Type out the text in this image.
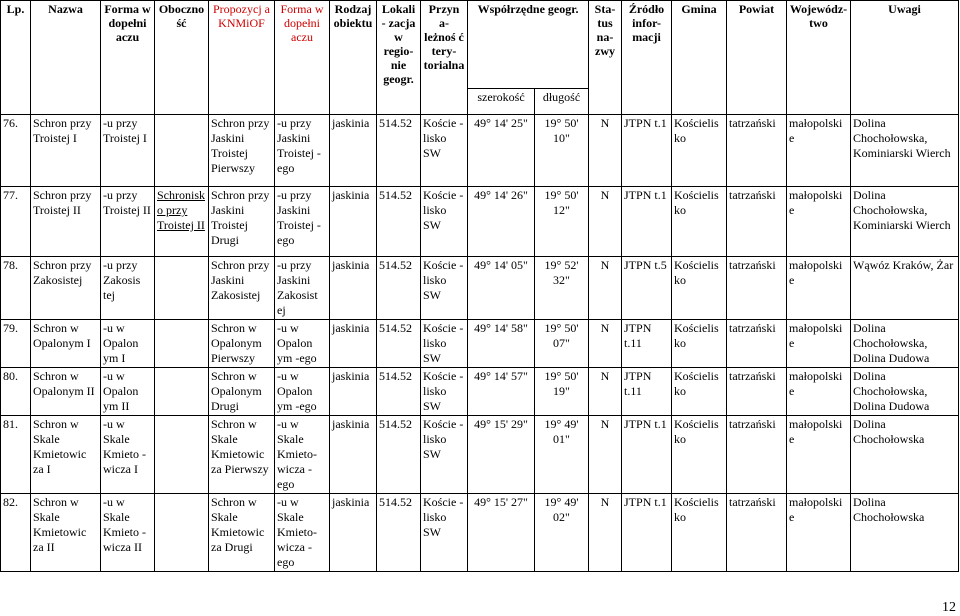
Lp.	Nazwa	Forma w dopełni aczu	Oboczno ść	Propozycj a KNMiOF	Forma w dopełni aczu	Rodzaj obiektu	Lokali - zacja w regio- nie geogr.	Przyn a- leżnoś ć tery- torialna	Współrzędne geogr.		Sta- tus na- zwy	Źródło infor- macji	Gmina	Powiat	Wojewódz- two	Uwagi
									szerokość	długość						
76.	Schron przy Troistej I	-u przy Troistej I		Schron przy Jaskini Troistej Pierwszy	-u przy Jaskini Troistej -ego	jaskinia	514.52	Koście -lisko SW	49° 14' 25"	19° 50' 10"	N	JTPN t.1	Kościelis ko	tatrzański	małopolski e	Dolina Chochołowska, Kominiarski Wierch
77.	Schron przy Troistej II	-u przy Troistej II	Schronisk o przy Troistej II	Schron przy Jaskini Troistej Drugi	-u przy Jaskini Troistej -ego	jaskinia	514.52	Koście -lisko SW	49° 14' 26"	19° 50' 12"	N	JTPN t.1	Kościelis ko	tatrzański	małopolski e	Dolina Chochołowska, Kominiarski Wierch
78.	Schron przy Zakosistej	-u przy Zakosis tej		Schron przy Jaskini Zakosistej	-u przy Jaskini Zakosist ej	jaskinia	514.52	Koście -lisko SW	49° 14' 05"	19° 52' 32"	N	JTPN t.5	Kościelis ko	tatrzański	małopolski e	Wąwóz Kraków, Żar
79.	Schron w Opalonym I	-u w Opalon ym I		Schron w Opalonym Pierwszy	-u w Opalon ym -ego	jaskinia	514.52	Koście -lisko SW	49° 14' 58"	19° 50' 07"	N	JTPN t.11	Kościelis ko	tatrzański	małopolski e	Dolina Chochołowska, Dolina Dudowa
80.	Schron w Opalonym II	-u w Opalon ym II		Schron w Opalonym Drugi	-u w Opalon ym -ego	jaskinia	514.52	Koście -lisko SW	49° 14' 57"	19° 50' 19"	N	JTPN t.11	Kościelis ko	tatrzański	małopolski e	Dolina Chochołowska, Dolina Dudowa
81.	Schron w Skale Kmietowic za I	-u w Skale Kmieto -wicza I		Schron w Skale Kmietowic za Pierwszy	-u w Skale Kmieto- wicza -ego	jaskinia	514.52	Koście -lisko SW	49° 15' 29"	19° 49' 01"	N	JTPN t.1	Kościelis ko	tatrzański	małopolski e	Dolina Chochołowska
82.	Schron w Skale Kmietowic za II	-u w Skale Kmieto -wicza II		Schron w Skale Kmietowic za Drugi	-u w Skale Kmieto- wicza -ego	jaskinia	514.52	Koście -lisko SW	49° 15' 27"	19° 49' 02"	N	JTPN t.1	Kościelis ko	tatrzański	małopolski e	Dolina Chochołowska
12
